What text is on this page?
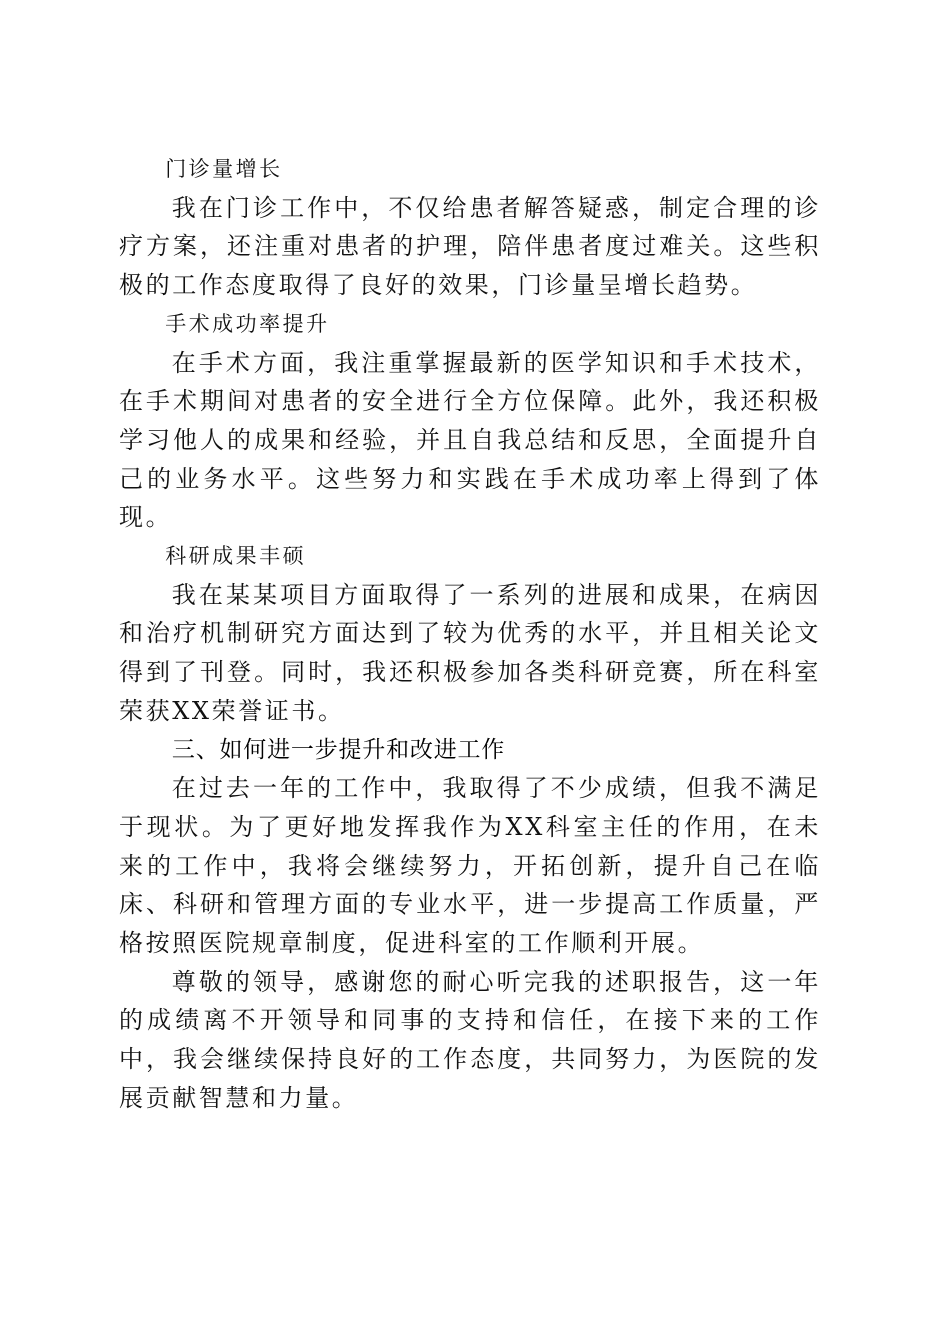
门诊量增长

我在门诊工作中，不仅给患者解答疑惑，制定合理的诊疗方案，还注重对患者的护理，陪伴患者度过难关。这些积极的工作态度取得了良好的效果，门诊量呈增长趋势。

手术成功率提升

在手术方面，我注重掌握最新的医学知识和手术技术，在手术期间对患者的安全进行全方位保障。此外，我还积极学习他人的成果和经验，并且自我总结和反思，全面提升自己的业务水平。这些努力和实践在手术成功率上得到了体现。

科研成果丰硕

我在某某项目方面取得了一系列的进展和成果，在病因和治疗机制研究方面达到了较为优秀的水平，并且相关论文得到了刊登。同时，我还积极参加各类科研竞赛，所在科室荣获XX荣誉证书。

三、如何进一步提升和改进工作

在过去一年的工作中，我取得了不少成绩，但我不满足于现状。为了更好地发挥我作为XX科室主任的作用，在未来的工作中，我将会继续努力，开拓创新，提升自己在临床、科研和管理方面的专业水平，进一步提高工作质量，严格按照医院规章制度，促进科室的工作顺利开展。

尊敬的领导，感谢您的耐心听完我的述职报告，这一年的成绩离不开领导和同事的支持和信任，在接下来的工作中，我会继续保持良好的工作态度，共同努力，为医院的发展贡献智慧和力量。
